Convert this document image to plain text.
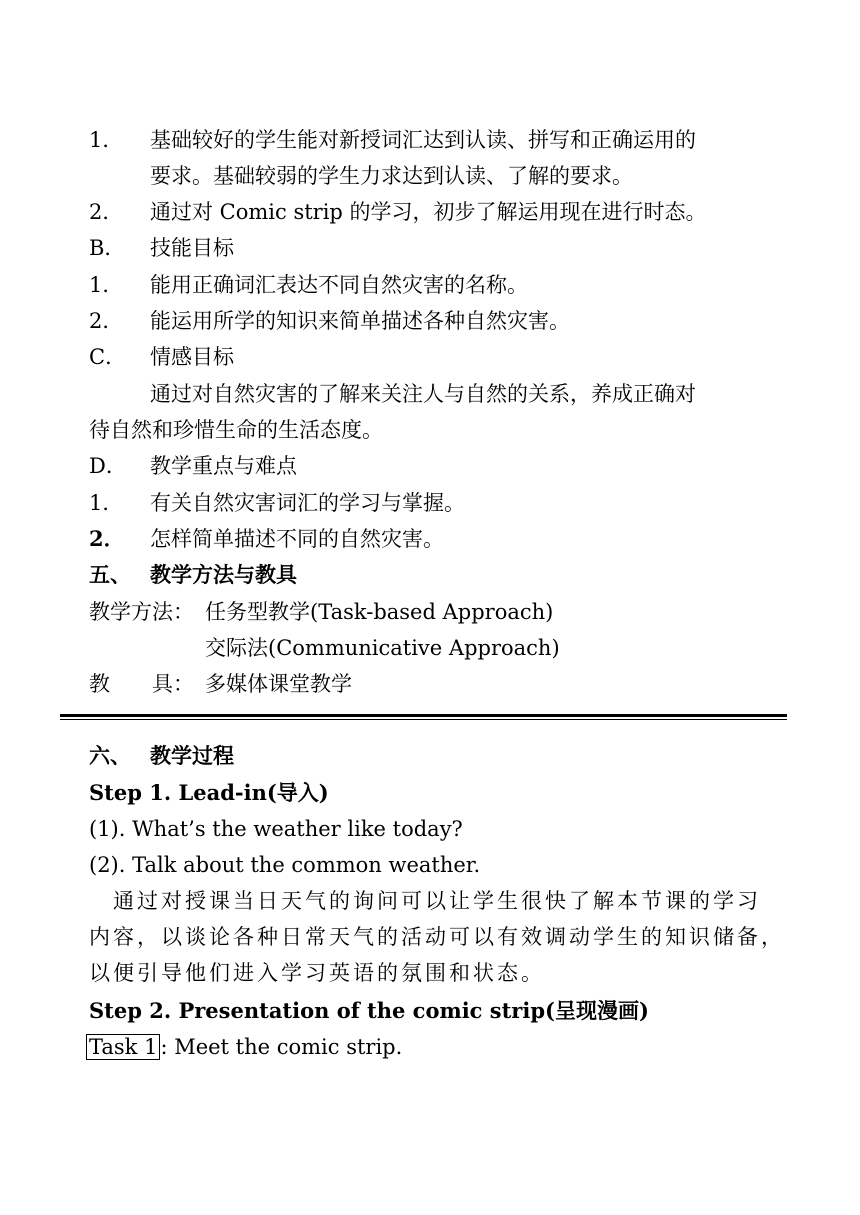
1． 基础较好的学生能对新授词汇达到认读、拼写和正确运用的
要求。基础较弱的学生力求达到认读、了解的要求。
2． 通过对 Comic strip 的学习，初步了解运用现在进行时态。
B． 技能目标
1． 能用正确词汇表达不同自然灾害的名称。
2． 能运用所学的知识来简单描述各种自然灾害。
C． 情感目标
通过对自然灾害的了解来关注人与自然的关系，养成正确对
待自然和珍惜生命的生活态度。
D． 教学重点与难点
1． 有关自然灾害词汇的学习与掌握。
2． 怎样简单描述不同的自然灾害。
五、 教学方法与教具
教学方法： 任务型教学(Task-based Approach)
交际法(Communicative Approach)
教　　具： 多媒体课堂教学
六、 教学过程
Step 1. Lead-in(导入)
(1). What’s the weather like today?
(2). Talk about the common weather.
通过对授课当日天气的询问可以让学生很快了解本节课的学习
内容，以谈论各种日常天气的活动可以有效调动学生的知识储备，
以便引导他们进入学习英语的氛围和状态。
Step 2. Presentation of the comic strip(呈现漫画)
Task 1 : Meet the comic strip.
